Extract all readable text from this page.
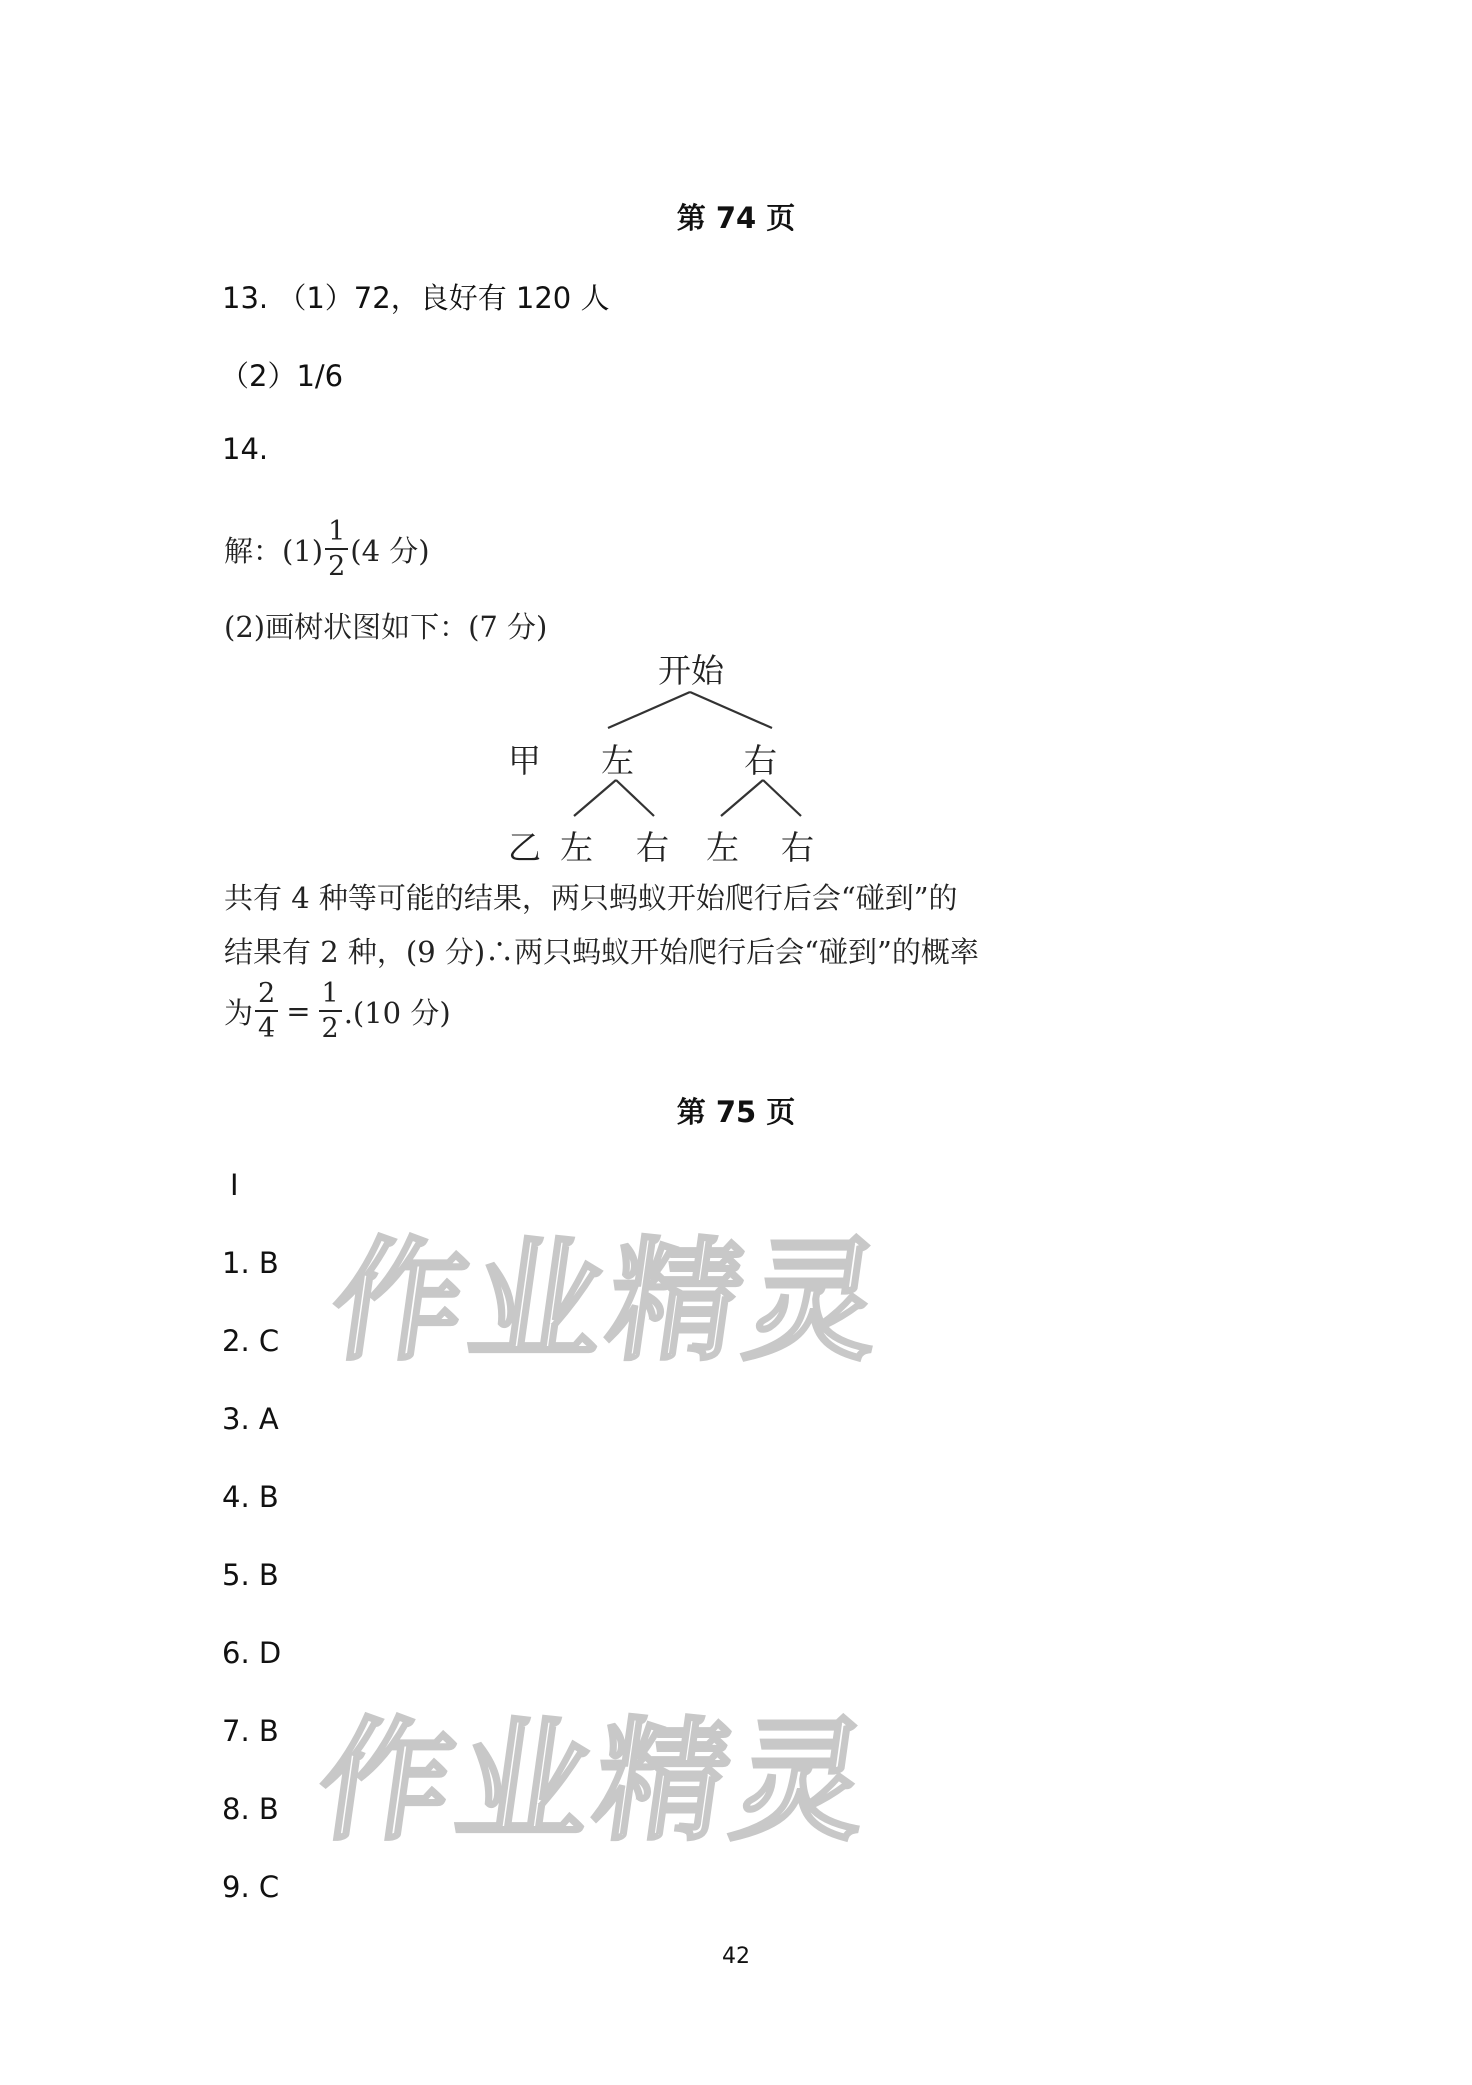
第 74 页
13. （1）72，良好有 120 人
（2）1/6
14.
解：$(1) \frac{1}{2} (4$ 分)
(2)画树状图如下：(7 分)
开始
甲 左	右
乙 左 右 左 右
共有 4 种等可能的结果，两只蚂蚁开始爬行后会“碰到”的
结果有 2 种，(9 分)∴两只蚂蚁开始爬行后会“碰到”的概率
为 $\frac{2}{4} = \frac{1}{2} .(10$ 分)
第 75 页
I
作业精灵
作业精灵
1. B
2. C
3. A
4. B
5. B
6. D
7. B
8. B
9. C
42
